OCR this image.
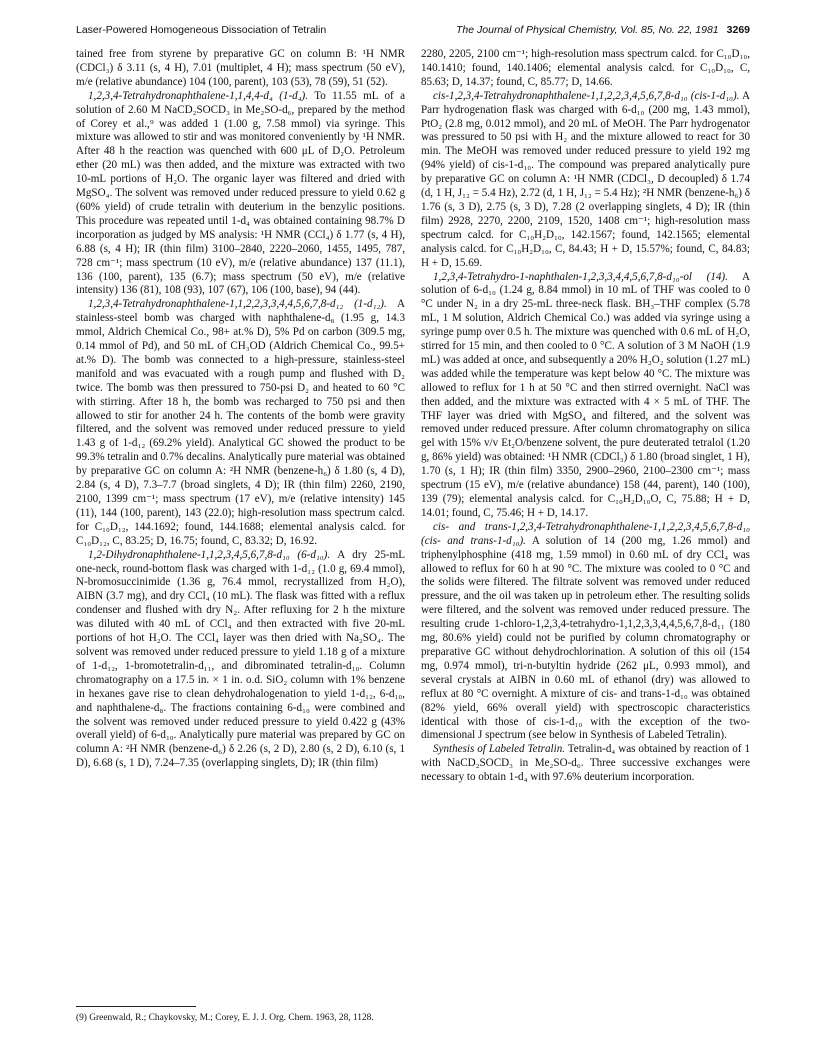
Laser-Powered Homogeneous Dissociation of Tetralin	The Journal of Physical Chemistry, Vol. 85, No. 22, 1981 3269

tained free from styrene by preparative GC on column B: ¹H NMR (CDCl₃) δ 3.11 (s, 4 H), 7.01 (multiplet, 4 H); mass spectrum (50 eV), m/e (relative abundance) 104 (100, parent), 103 (53), 78 (59), 51 (52).

1,2,3,4-Tetrahydronaphthalene-1,1,4,4-d₄ (1-d₄). To 11.55 mL of a solution of 2.60 M NaCD₂SOCD₃ in Me₂SO-d₆, prepared by the method of Corey et al.,⁹ was added 1 (1.00 g, 7.58 mmol) via syringe. This mixture was allowed to stir and was monitored conveniently by ¹H NMR. After 48 h the reaction was quenched with 600 μL of D₂O. Petroleum ether (20 mL) was then added, and the mixture was extracted with two 10-mL portions of H₂O. The organic layer was filtered and dried with MgSO₄. The solvent was removed under reduced pressure to yield 0.62 g (60% yield) of crude tetralin with deuterium in the benzylic positions. This procedure was repeated until 1-d₄ was obtained containing 98.7% D incorporation as judged by MS analysis: ¹H NMR (CCl₄) δ 1.77 (s, 4 H), 6.88 (s, 4 H); IR (thin film) 3100–2840, 2220–2060, 1455, 1495, 787, 728 cm⁻¹; mass spectrum (10 eV), m/e (relative abundance) 137 (11.1), 136 (100, parent), 135 (6.7); mass spectrum (50 eV), m/e (relative intensity) 136 (81), 108 (93), 107 (67), 106 (100, base), 94 (44).

1,2,3,4-Tetrahydronaphthalene-1,1,2,2,3,3,4,4,5,6,7,8-d₁₂ (1-d₁₂). A stainless-steel bomb was charged with naphthalene-d₈ (1.95 g, 14.3 mmol, Aldrich Chemical Co., 98+ at.% D), 5% Pd on carbon (309.5 mg, 0.14 mmol of Pd), and 50 mL of CH₃OD (Aldrich Chemical Co., 99.5+ at.% D). The bomb was connected to a high-pressure, stainless-steel manifold and was evacuated with a rough pump and flushed with D₂ twice. The bomb was then pressured to 750-psi D₂ and heated to 60 °C with stirring. After 18 h, the bomb was recharged to 750 psi and then allowed to stir for another 24 h. The contents of the bomb were gravity filtered, and the solvent was removed under reduced pressure to yield 1.43 g of 1-d₁₂ (69.2% yield). Analytical GC showed the product to be 99.3% tetralin and 0.7% decalins. Analytically pure material was obtained by preparative GC on column A: ²H NMR (benzene-h₆) δ 1.80 (s, 4 D), 2.84 (s, 4 D), 7.3–7.7 (broad singlets, 4 D); IR (thin film) 2260, 2190, 2100, 1399 cm⁻¹; mass spectrum (17 eV), m/e (relative intensity) 145 (11), 144 (100, parent), 143 (22.0); high-resolution mass spectrum calcd. for C₁₀D₁₂, 144.1692; found, 144.1688; elemental analysis calcd. for C₁₀D₁₂, C, 83.25; D, 16.75; found, C, 83.32; D, 16.92.

1,2-Dihydronaphthalene-1,1,2,3,4,5,6,7,8-d₁₀ (6-d₁₀). A dry 25-mL one-neck, round-bottom flask was charged with 1-d₁₂ (1.0 g, 69.4 mmol), N-bromosuccinimide (1.36 g, 76.4 mmol, recrystallized from H₂O), AIBN (3.7 mg), and dry CCl₄ (10 mL). The flask was fitted with a reflux condenser and flushed with dry N₂. After refluxing for 2 h the mixture was diluted with 40 mL of CCl₄ and then extracted with five 20-mL portions of hot H₂O. The CCl₄ layer was then dried with Na₂SO₄. The solvent was removed under reduced pressure to yield 1.18 g of a mixture of 1-d₁₂, 1-bromotetralin-d₁₁, and dibrominated tetralin-d₁₀. Column chromatography on a 17.5 in. × 1 in. o.d. SiO₂ column with 1% benzene in hexanes gave rise to clean dehydrohalogenation to yield 1-d₁₂, 6-d₁₀, and naphthalene-d₈. The fractions containing 6-d₁₀ were combined and the solvent was removed under reduced pressure to yield 0.422 g (43% overall yield) of 6-d₁₀. Analytically pure material was prepared by GC on column A: ²H NMR (benzene-d₆) δ 2.26 (s, 2 D), 2.80 (s, 2 D), 6.10 (s, 1 D), 6.68 (s, 1 D), 7.24–7.35 (overlapping singlets, D); IR (thin film)

2280, 2205, 2100 cm⁻¹; high-resolution mass spectrum calcd. for C₁₀D₁₀, 140.1410; found, 140.1406; elemental analysis calcd. for C₁₀D₁₀, C, 85.63; D, 14.37; found, C, 85.77; D, 14.66.

cis-1,2,3,4-Tetrahydronaphthalene-1,1,2,2,3,4,5,6,7,8-d₁₀ (cis-1-d₁₀). A Parr hydrogenation flask was charged with 6-d₁₀ (200 mg, 1.43 mmol), PtO₂ (2.8 mg, 0.012 mmol), and 20 mL of MeOH. The Parr hydrogenator was pressured to 50 psi with H₂ and the mixture allowed to react for 30 min. The MeOH was removed under reduced pressure to yield 192 mg (94% yield) of cis-1-d₁₀. The compound was prepared analytically pure by preparative GC on column A: ¹H NMR (CDCl₃, D decoupled) δ 1.74 (d, 1 H, J₁₂ = 5.4 Hz), 2.72 (d, 1 H, J₁₂ = 5.4 Hz); ²H NMR (benzene-h₆) δ 1.76 (s, 3 D), 2.75 (s, 3 D), 7.28 (2 overlapping singlets, 4 D); IR (thin film) 2928, 2270, 2200, 2109, 1520, 1408 cm⁻¹; high-resolution mass spectrum calcd. for C₁₀H₂D₁₀, 142.1567; found, 142.1565; elemental analysis calcd. for C₁₀H₂D₁₀, C, 84.43; H + D, 15.57%; found, C, 84.83; H + D, 15.69.

1,2,3,4-Tetrahydro-1-naphthalen-1,2,3,3,4,4,5,6,7,8-d₁₀-ol (14). A solution of 6-d₁₀ (1.24 g, 8.84 mmol) in 10 mL of THF was cooled to 0 °C under N₂ in a dry 25-mL three-neck flask. BH₃–THF complex (5.78 mL, 1 M solution, Aldrich Chemical Co.) was added via syringe using a syringe pump over 0.5 h. The mixture was quenched with 0.6 mL of H₂O, stirred for 15 min, and then cooled to 0 °C. A solution of 3 M NaOH (1.9 mL) was added at once, and subsequently a 20% H₂O₂ solution (1.27 mL) was added while the temperature was kept below 40 °C. The mixture was allowed to reflux for 1 h at 50 °C and then stirred overnight. NaCl was then added, and the mixture was extracted with 4 × 5 mL of THF. The THF layer was dried with MgSO₄ and filtered, and the solvent was removed under reduced pressure. After column chromatography on silica gel with 15% v/v Et₂O/benzene solvent, the pure deuterated tetralol (1.20 g, 86% yield) was obtained: ¹H NMR (CDCl₃) δ 1.80 (broad singlet, 1 H), 1.70 (s, 1 H); IR (thin film) 3350, 2900–2960, 2100–2300 cm⁻¹; mass spectrum (15 eV), m/e (relative abundance) 158 (44, parent), 140 (100), 139 (79); elemental analysis calcd. for C₁₀H₂D₁₀O, C, 75.88; H + D, 14.01; found, C, 75.46; H + D, 14.17.

cis- and trans-1,2,3,4-Tetrahydronaphthalene-1,1,2,2,3,4,5,6,7,8-d₁₀ (cis- and trans-1-d₁₀). A solution of 14 (200 mg, 1.26 mmol) and triphenylphosphine (418 mg, 1.59 mmol) in 0.60 mL of dry CCl₄ was allowed to reflux for 60 h at 90 °C. The mixture was cooled to 0 °C and the solids were filtered. The filtrate solvent was removed under reduced pressure, and the oil was taken up in petroleum ether. The resulting solids were filtered, and the solvent was removed under reduced pressure. The resulting crude 1-chloro-1,2,3,4-tetrahydro-1,1,2,3,3,4,4,5,6,7,8-d₁₁ (180 mg, 80.6% yield) could not be purified by column chromatography or preparative GC without dehydrochlorination. A solution of this oil (154 mg, 0.974 mmol), tri-n-butyltin hydride (262 μL, 0.993 mmol), and several crystals at AIBN in 0.60 mL of ethanol (dry) was allowed to reflux at 80 °C overnight. A mixture of cis- and trans-1-d₁₀ was obtained (82% yield, 66% overall yield) with spectroscopic characteristics identical with those of cis-1-d₁₀ with the exception of the two-dimensional J spectrum (see below in Synthesis of Labeled Tetralin).

Synthesis of Labeled Tetralin. Tetralin-d₄ was obtained by reaction of 1 with NaCD₂SOCD₃ in Me₂SO-d₆. Three successive exchanges were necessary to obtain 1-d₄ with 97.6% deuterium incorporation.

(9) Greenwald, R.; Chaykovsky, M.; Corey, E. J. J. Org. Chem. 1963, 28, 1128.
